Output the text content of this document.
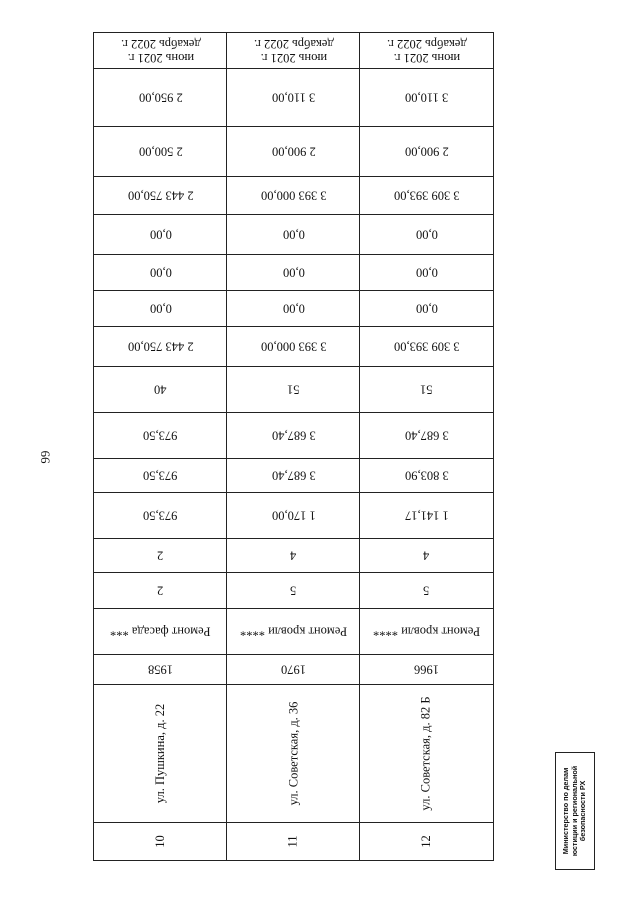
66
июнь 2021 г.
декабрь 2022 г.
2 950,00
2 500,00
2 443 750,00
0,00
0,00
0,00
2 443 750,00
40
973,50
973,50
973,50
2
2
Ремонт фасада ***
1958
ул. Пушкина, д. 22
10
июнь 2021 г.
декабрь 2022 г.
3 110,00
2 900,00
3 393 000,00
0,00
0,00
0,00
3 393 000,00
51
3 687,40
3 687,40
1 170,00
4
5
Ремонт кровли ****
1970
ул. Советская, д. 36
11
июнь 2021 г.
декабрь 2022 г.
3 110,00
2 900,00
3 309 393,00
0,00
0,00
0,00
3 309 393,00
51
3 687,40
3 803,90
1 141,17
4
5
Ремонт кровли ****
1966
ул. Советская, д. 82 Б
12	Министерство по делам юстиции и региональной безопасности РХ
